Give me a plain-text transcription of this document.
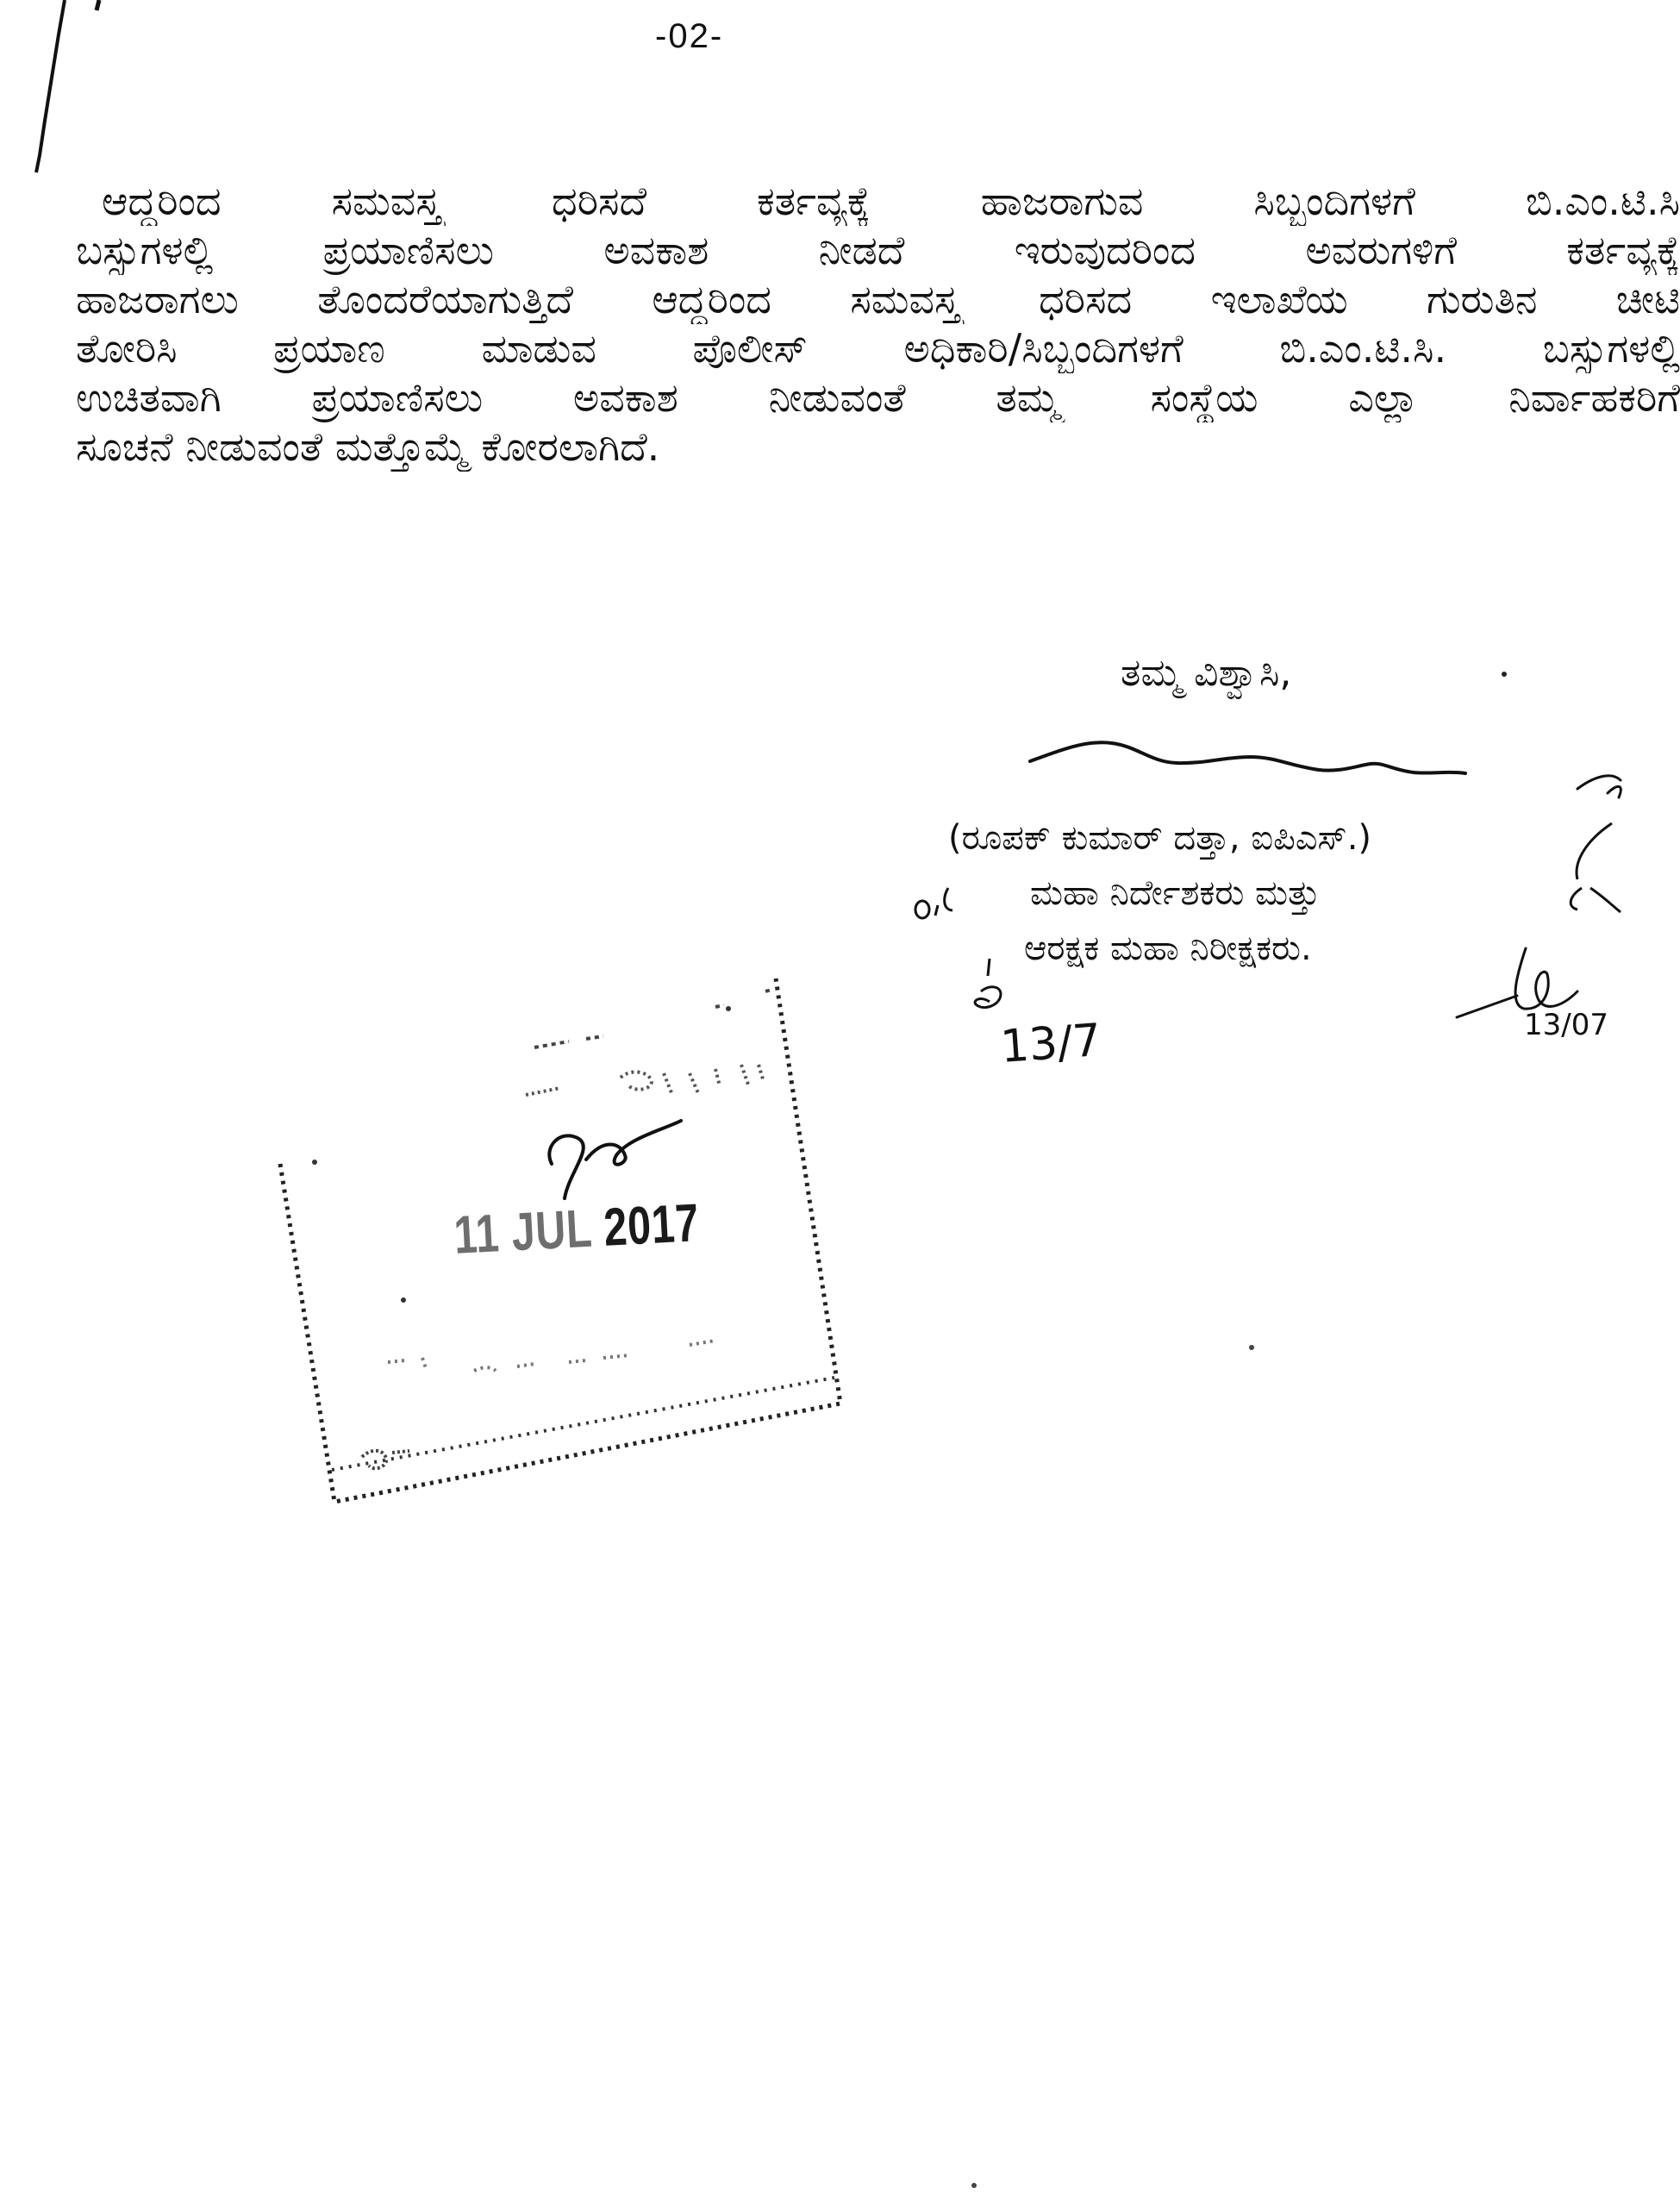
-02-
ಆದ್ದರಿಂದ ಸಮವಸ್ತ್ರ ಧರಿಸದೆ ಕರ್ತವ್ಯಕ್ಕೆ ಹಾಜರಾಗುವ ಸಿಬ್ಬಂದಿಗಳಗೆ ಬಿ.ಎಂ.ಟಿ.ಸಿ
ಬಸ್ಸುಗಳಲ್ಲಿ ಪ್ರಯಾಣಿಸಲು ಅವಕಾಶ ನೀಡದೆ ಇರುವುದರಿಂದ ಅವರುಗಳಿಗೆ ಕರ್ತವ್ಯಕ್ಕೆ
ಹಾಜರಾಗಲು ತೊಂದರೆಯಾಗುತ್ತಿದೆ ಆದ್ದರಿಂದ ಸಮವಸ್ತ್ರ ಧರಿಸದ ಇಲಾಖೆಯ ಗುರುತಿನ ಚೀಟಿ
ತೋರಿಸಿ ಪ್ರಯಾಣ ಮಾಡುವ ಪೊಲೀಸ್ ಅಧಿಕಾರಿ/ಸಿಬ್ಬಂದಿಗಳಗೆ ಬಿ.ಎಂ.ಟಿ.ಸಿ. ಬಸ್ಸುಗಳಲ್ಲಿ
ಉಚಿತವಾಗಿ ಪ್ರಯಾಣಿಸಲು ಅವಕಾಶ ನೀಡುವಂತೆ ತಮ್ಮ ಸಂಸ್ಥೆಯ ಎಲ್ಲಾ ನಿರ್ವಾಹಕರಿಗೆ
ಸೂಚನೆ ನೀಡುವಂತೆ ಮತ್ತೊಮ್ಮೆ ಕೋರಲಾಗಿದೆ.
ತಮ್ಮ ವಿಶ್ವಾಸಿ,
(ರೂಪಕ್ ಕುಮಾರ್ ದತ್ತಾ, ಐಪಿಎಸ್.)
ಮಹಾ ನಿರ್ದೇಶಕರು ಮತ್ತು
ಆರಕ್ಷಕ ಮಹಾ ನಿರೀಕ್ಷಕರು.
11 JUL 2017
13/7	13/07
